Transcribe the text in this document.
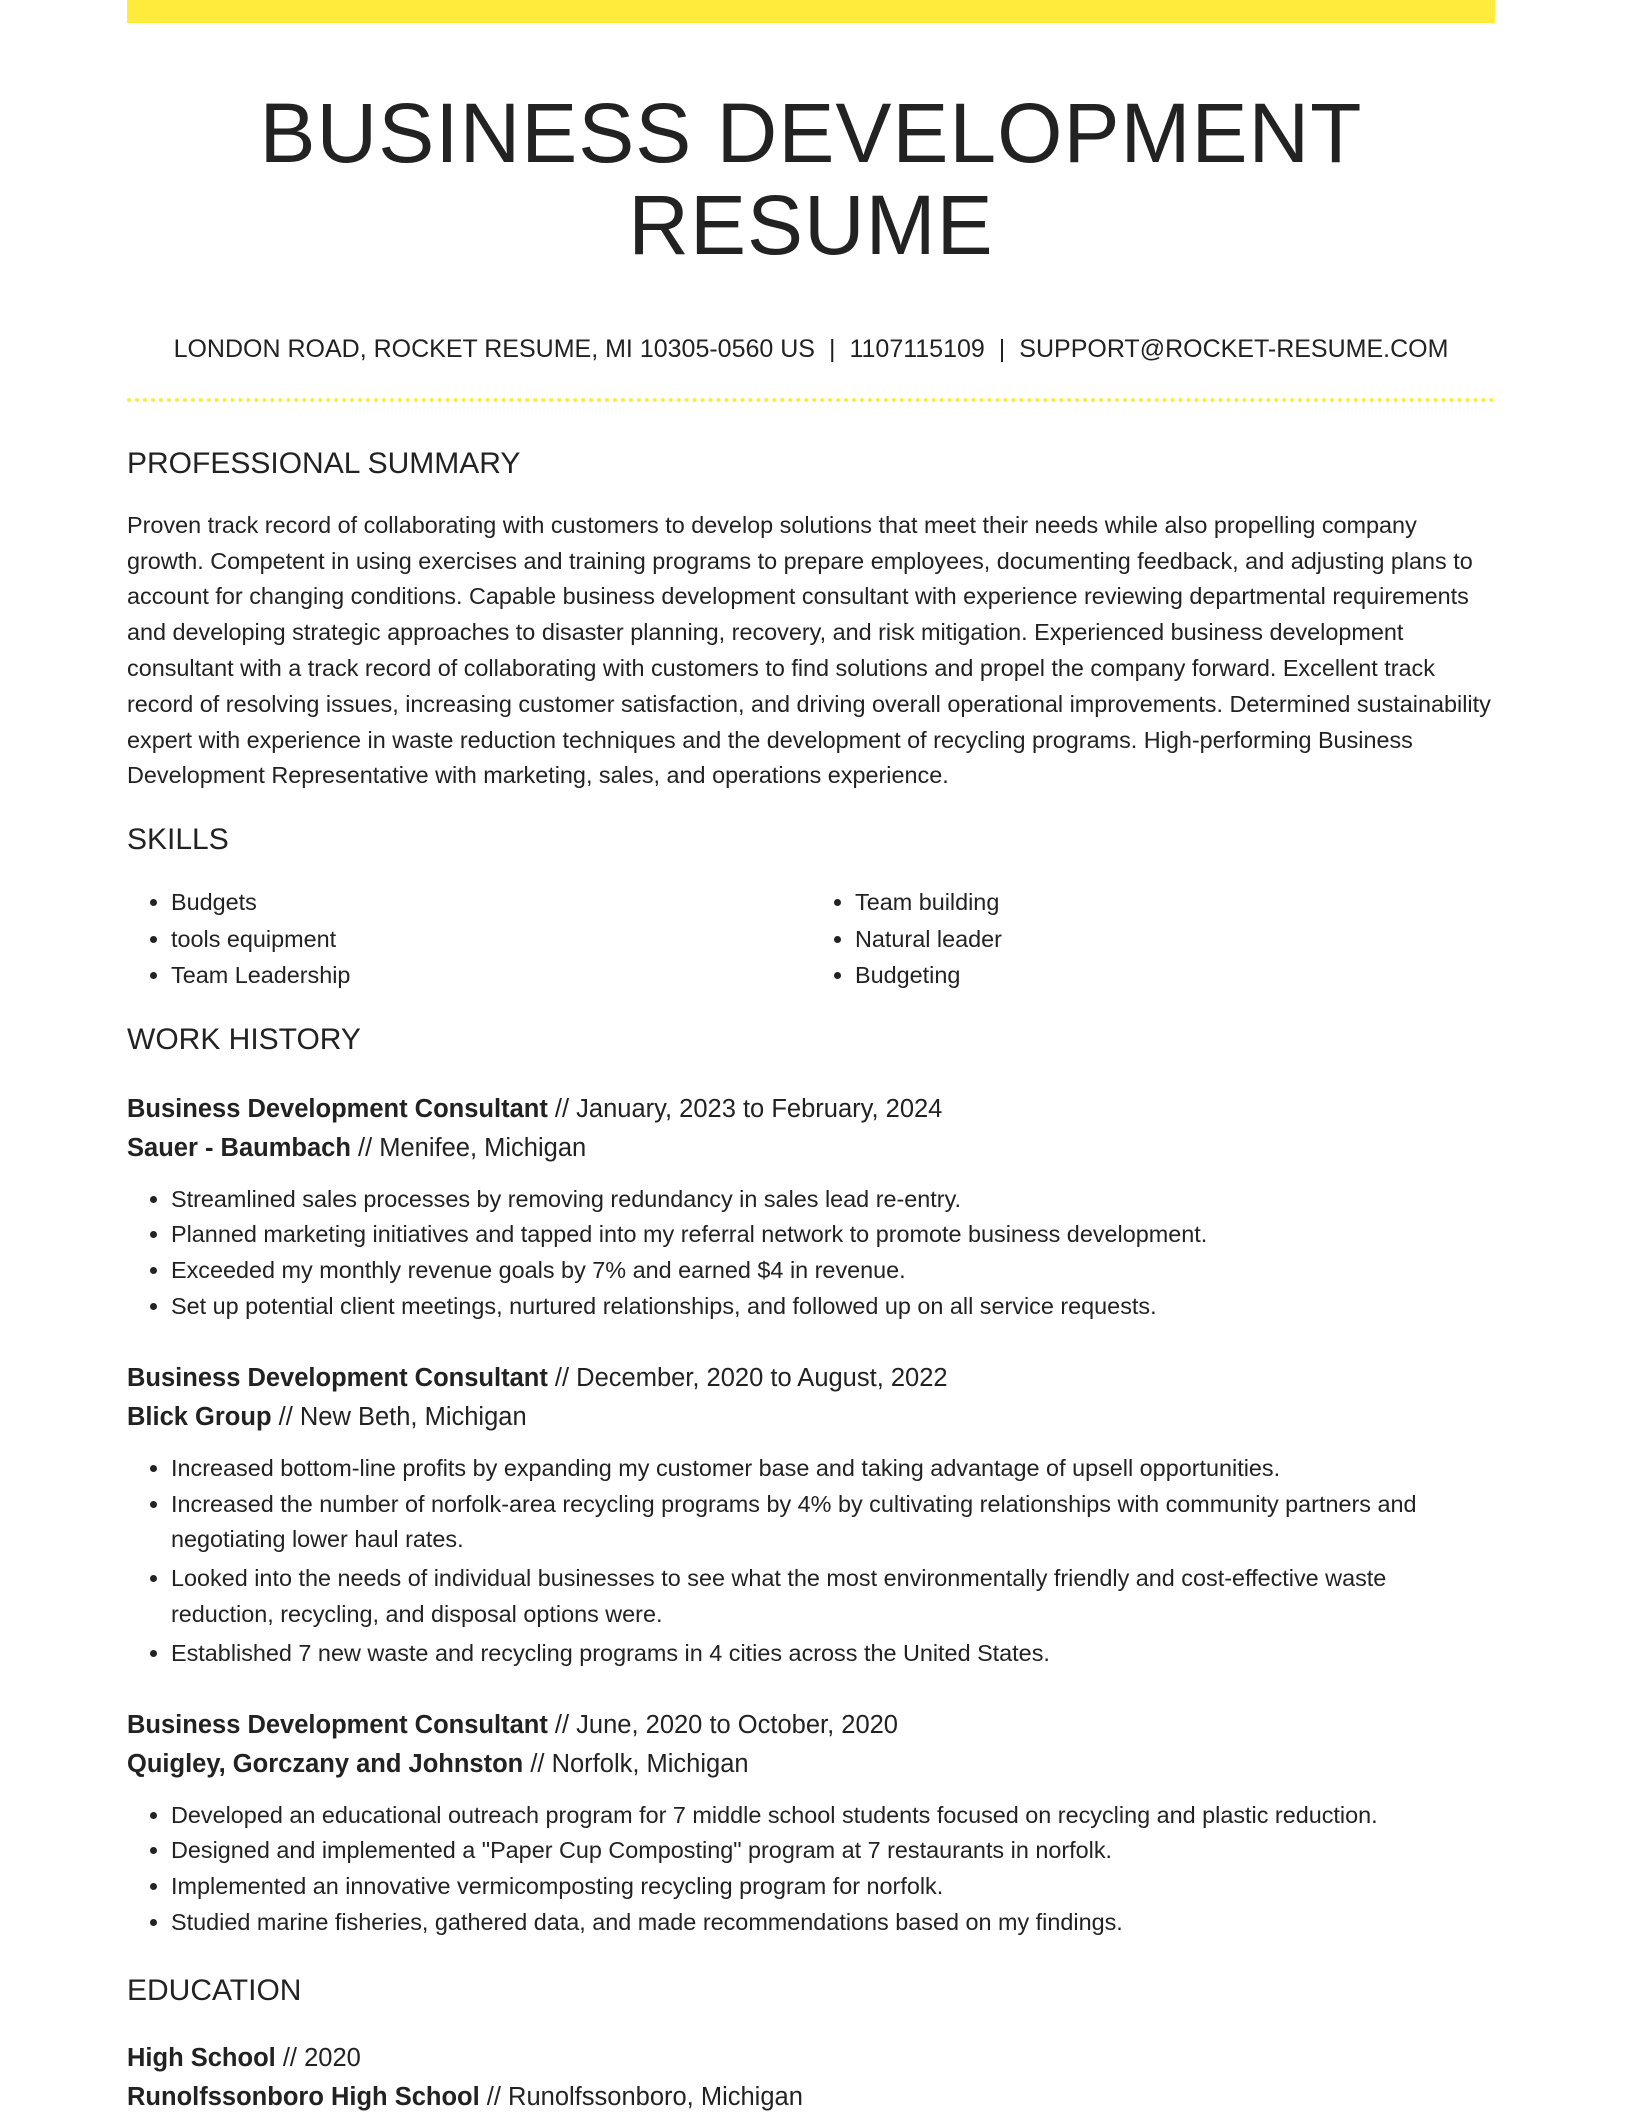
BUSINESS DEVELOPMENT RESUME
LONDON ROAD, ROCKET RESUME, MI 10305-0560 US | 1107115109 | SUPPORT@ROCKET-RESUME.COM
PROFESSIONAL SUMMARY

Proven track record of collaborating with customers to develop solutions that meet their needs while also propelling company growth. Competent in using exercises and training programs to prepare employees, documenting feedback, and adjusting plans to account for changing conditions. Capable business development consultant with experience reviewing departmental requirements and developing strategic approaches to disaster planning, recovery, and risk mitigation. Experienced business development consultant with a track record of collaborating with customers to find solutions and propel the company forward. Excellent track record of resolving issues, increasing customer satisfaction, and driving overall operational improvements. Determined sustainability expert with experience in waste reduction techniques and the development of recycling programs. High-performing Business Development Representative with marketing, sales, and operations experience.

SKILLS
• Budgets
• tools equipment
• Team Leadership
• Team building
• Natural leader
• Budgeting
WORK HISTORY
Business Development Consultant // January, 2023 to February, 2024
Sauer - Baumbach // Menifee, Michigan
• Streamlined sales processes by removing redundancy in sales lead re-entry.
• Planned marketing initiatives and tapped into my referral network to promote business development.
• Exceeded my monthly revenue goals by 7% and earned $4 in revenue.
• Set up potential client meetings, nurtured relationships, and followed up on all service requests.
Business Development Consultant // December, 2020 to August, 2022
Blick Group // New Beth, Michigan
• Increased bottom-line profits by expanding my customer base and taking advantage of upsell opportunities.
• Increased the number of norfolk-area recycling programs by 4% by cultivating relationships with community partners and negotiating lower haul rates.
• Looked into the needs of individual businesses to see what the most environmentally friendly and cost-effective waste reduction, recycling, and disposal options were.
• Established 7 new waste and recycling programs in 4 cities across the United States.
Business Development Consultant // June, 2020 to October, 2020
Quigley, Gorczany and Johnston // Norfolk, Michigan
• Developed an educational outreach program for 7 middle school students focused on recycling and plastic reduction.
• Designed and implemented a "Paper Cup Composting" program at 7 restaurants in norfolk.
• Implemented an innovative vermicomposting recycling program for norfolk.
• Studied marine fisheries, gathered data, and made recommendations based on my findings.
EDUCATION
High School // 2020
Runolfssonboro High School // Runolfssonboro, Michigan
